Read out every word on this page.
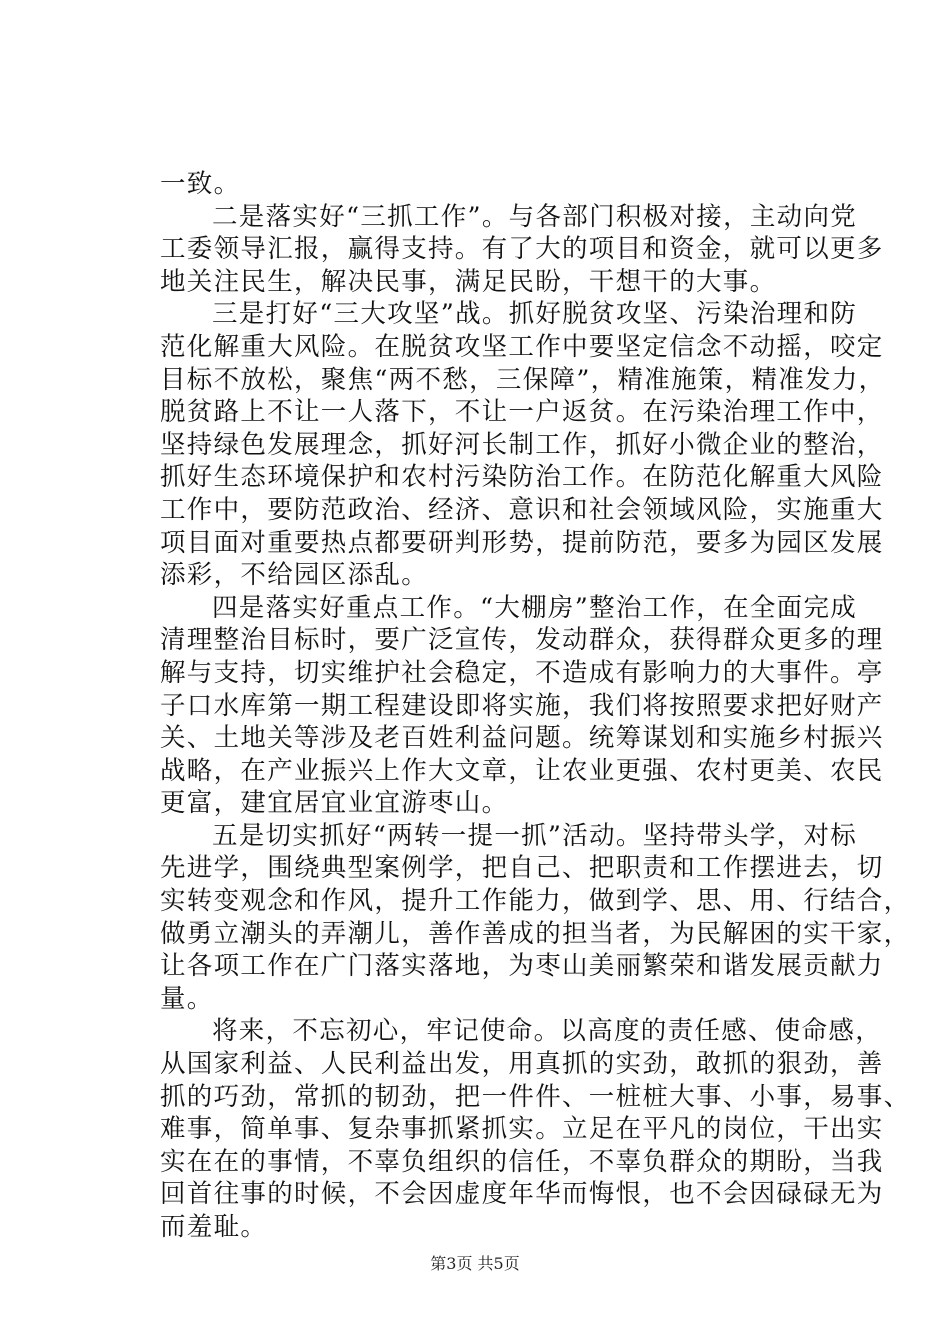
一致。
二是落实好“三抓工作”。与各部门积极对接，主动向党
工委领导汇报，赢得支持。有了大的项目和资金，就可以更多
地关注民生，解决民事，满足民盼，干想干的大事。
三是打好“三大攻坚”战。抓好脱贫攻坚、污染治理和防
范化解重大风险。在脱贫攻坚工作中要坚定信念不动摇，咬定
目标不放松，聚焦“两不愁，三保障”，精准施策，精准发力，
脱贫路上不让一人落下，不让一户返贫。在污染治理工作中，
坚持绿色发展理念，抓好河长制工作，抓好小微企业的整治，
抓好生态环境保护和农村污染防治工作。在防范化解重大风险
工作中，要防范政治、经济、意识和社会领域风险，实施重大
项目面对重要热点都要研判形势，提前防范，要多为园区发展
添彩，不给园区添乱。
四是落实好重点工作。“大棚房”整治工作，在全面完成
清理整治目标时，要广泛宣传，发动群众，获得群众更多的理
解与支持，切实维护社会稳定，不造成有影响力的大事件。亭
子口水库第一期工程建设即将实施，我们将按照要求把好财产
关、土地关等涉及老百姓利益问题。统筹谋划和实施乡村振兴
战略，在产业振兴上作大文章，让农业更强、农村更美、农民
更富，建宜居宜业宜游枣山。
五是切实抓好“两转一提一抓”活动。坚持带头学，对标
先进学，围绕典型案例学，把自己、把职责和工作摆进去，切
实转变观念和作风，提升工作能力，做到学、思、用、行结合，
做勇立潮头的弄潮儿，善作善成的担当者，为民解困的实干家，
让各项工作在广门落实落地，为枣山美丽繁荣和谐发展贡献力
量。
将来，不忘初心，牢记使命。以高度的责任感、使命感，
从国家利益、人民利益出发，用真抓的实劲，敢抓的狠劲，善
抓的巧劲，常抓的韧劲，把一件件、一桩桩大事、小事，易事、
难事，简单事、复杂事抓紧抓实。立足在平凡的岗位，干出实
实在在的事情，不辜负组织的信任，不辜负群众的期盼，当我
回首往事的时候，不会因虚度年华而悔恨，也不会因碌碌无为
而羞耻。
第3页 共5页
